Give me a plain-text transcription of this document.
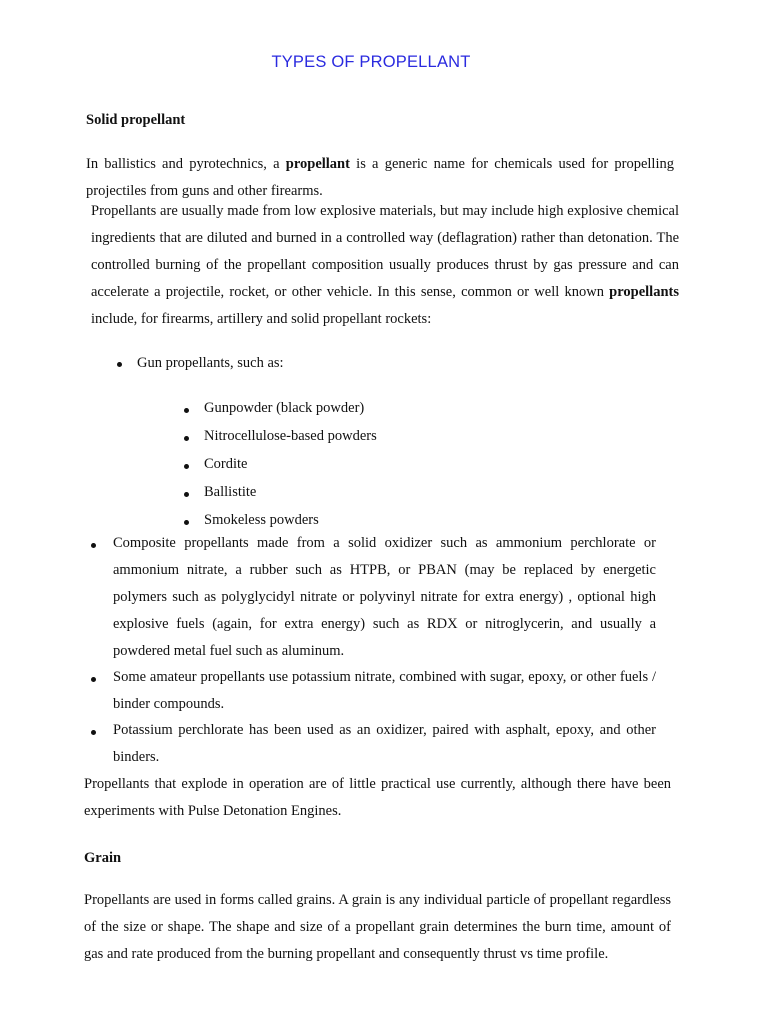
TYPES OF PROPELLANT
Solid propellant
In ballistics and pyrotechnics, a propellant is a generic name for chemicals used for propelling projectiles from guns and other firearms.
Propellants are usually made from low explosive materials, but may include high explosive chemical ingredients that are diluted and burned in a controlled way (deflagration) rather than detonation. The controlled burning of the propellant composition usually produces thrust by gas pressure and can accelerate a projectile, rocket, or other vehicle. In this sense, common or well known propellants include, for firearms, artillery and solid propellant rockets:
Gun propellants, such as:
Gunpowder (black powder)
Nitrocellulose-based powders
Cordite
Ballistite
Smokeless powders
Composite propellants made from a solid oxidizer such as ammonium perchlorate or ammonium nitrate, a rubber such as HTPB, or PBAN (may be replaced by energetic polymers such as polyglycidyl nitrate or polyvinyl nitrate for extra energy) , optional high explosive fuels (again, for extra energy) such as RDX or nitroglycerin, and usually a powdered metal fuel such as aluminum.
Some amateur propellants use potassium nitrate, combined with sugar, epoxy, or other fuels / binder compounds.
Potassium perchlorate has been used as an oxidizer, paired with asphalt, epoxy, and other binders.
Propellants that explode in operation are of little practical use currently, although there have been experiments with Pulse Detonation Engines.
Grain
Propellants are used in forms called grains. A grain is any individual particle of propellant regardless of the size or shape. The shape and size of a propellant grain determines the burn time, amount of gas and rate produced from the burning propellant and consequently thrust vs time profile.
